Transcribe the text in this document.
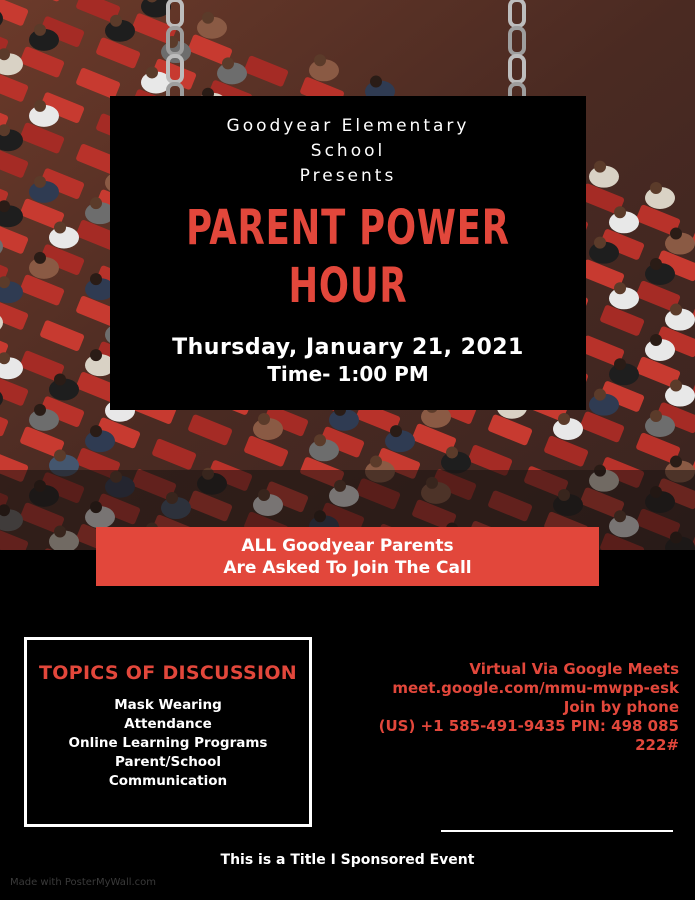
Goodyear Elementary
School
Presents
PARENT POWER
HOUR
Thursday, January 21, 2021
Time- 1:00 PM
ALL Goodyear Parents
Are Asked To Join The Call
TOPICS OF DISCUSSION
Mask Wearing
Attendance
Online Learning Programs
Parent/School
Communication
Virtual Via Google Meets
meet.google.com/mmu-mwpp-esk
Join by phone
(US) +1 585-491-9435 PIN: 498 085
222#
This is a Title I Sponsored Event
Made with PosterMyWall.com
